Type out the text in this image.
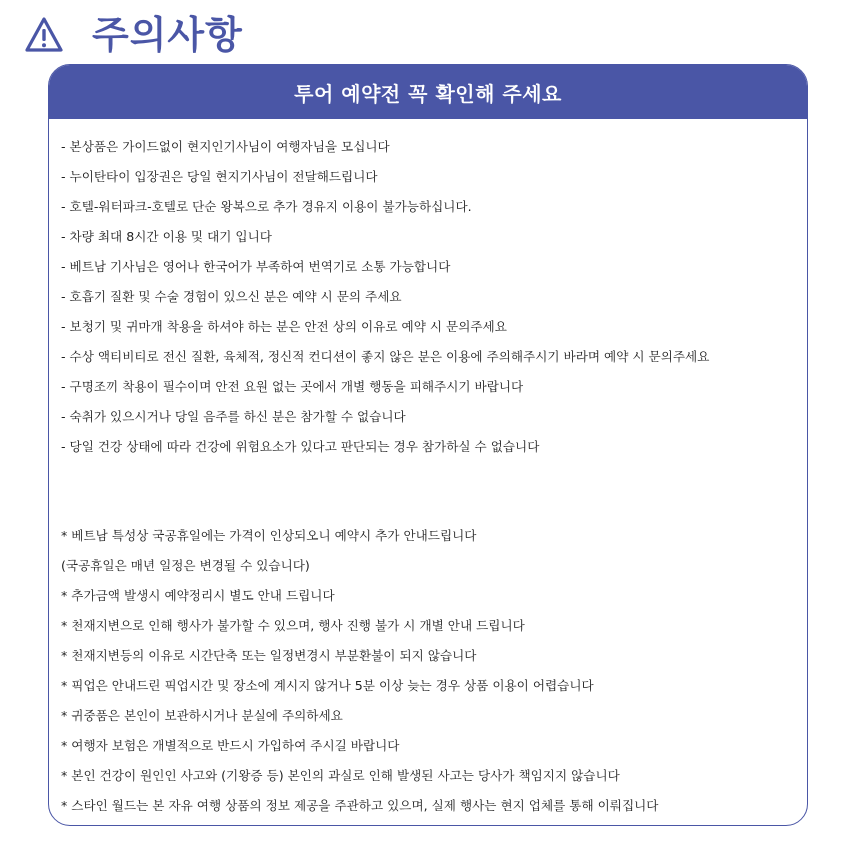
주의사항
투어 예약전 꼭 확인해 주세요
- 본상품은 가이드없이 현지인기사님이 여행자님을 모십니다
- 누이탄타이 입장권은 당일 현지기사님이 전달해드립니다
- 호텔-워터파크-호텔로 단순 왕복으로 추가 경유지 이용이 불가능하십니다.
- 차량 최대 8시간 이용 및 대기 입니다
- 베트남 기사님은 영어나 한국어가 부족하여 번역기로 소통 가능합니다
- 호흡기 질환 및 수술 경험이 있으신 분은 예약 시 문의 주세요
- 보청기 및 귀마개 착용을 하셔야 하는 분은 안전 상의 이유로 예약 시 문의주세요
- 수상 액티비티로 전신 질환, 육체적, 정신적 컨디션이 좋지 않은 분은 이용에 주의해주시기 바라며 예약 시 문의주세요
- 구명조끼 착용이 필수이며 안전 요원 없는 곳에서 개별 행동을 피해주시기 바랍니다
- 숙취가 있으시거나 당일 음주를 하신 분은 참가할 수 없습니다
- 당일 건강 상태에 따라 건강에 위험요소가 있다고 판단되는 경우 참가하실 수 없습니다
* 베트남 특성상 국공휴일에는 가격이 인상되오니 예약시 추가 안내드립니다
(국공휴일은 매년 일정은 변경될 수 있습니다)
* 추가금액 발생시 예약정리시 별도 안내 드립니다
* 천재지변으로 인해 행사가 불가할 수 있으며, 행사 진행 불가 시 개별 안내 드립니다
* 천재지변등의 이유로 시간단축 또는 일정변경시 부분환불이 되지 않습니다
* 픽업은 안내드린 픽업시간 및 장소에 계시지 않거나 5분 이상 늦는 경우 상품 이용이 어렵습니다
* 귀중품은 본인이 보관하시거나 분실에 주의하세요
* 여행자 보험은 개별적으로 반드시 가입하여 주시길 바랍니다
* 본인 건강이 원인인 사고와 (기왕증 등) 본인의 과실로 인해 발생된 사고는 당사가 책임지지 않습니다
* 스타인 월드는 본 자유 여행 상품의 정보 제공을 주관하고 있으며, 실제 행사는 현지 업체를 통해 이뤄집니다
